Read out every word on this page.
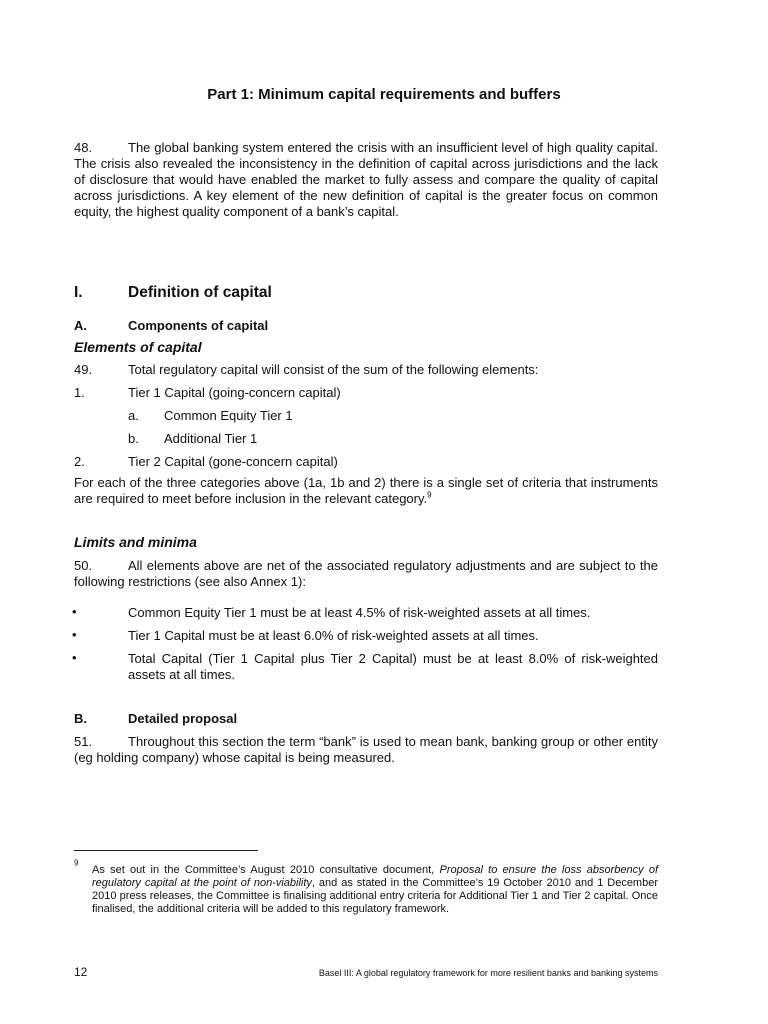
Part 1: Minimum capital requirements and buffers
48.	The global banking system entered the crisis with an insufficient level of high quality capital. The crisis also revealed the inconsistency in the definition of capital across jurisdictions and the lack of disclosure that would have enabled the market to fully assess and compare the quality of capital across jurisdictions. A key element of the new definition of capital is the greater focus on common equity, the highest quality component of a bank’s capital.
I.	Definition of capital
A.	Components of capital
Elements of capital
49.	Total regulatory capital will consist of the sum of the following elements:
1.	Tier 1 Capital (going-concern capital)
a. Common Equity Tier 1
b. Additional Tier 1
2.	Tier 2 Capital (gone-concern capital)
For each of the three categories above (1a, 1b and 2) there is a single set of criteria that instruments are required to meet before inclusion in the relevant category.$^9$
Limits and minima
50.	All elements above are net of the associated regulatory adjustments and are subject to the following restrictions (see also Annex 1):
•	Common Equity Tier 1 must be at least 4.5% of risk-weighted assets at all times.
•	Tier 1 Capital must be at least 6.0% of risk-weighted assets at all times.
•	Total Capital (Tier 1 Capital plus Tier 2 Capital) must be at least 8.0% of risk-weighted assets at all times.
B.	Detailed proposal
51.	Throughout this section the term “bank” is used to mean bank, banking group or other entity (eg holding company) whose capital is being measured.
$^9$
As set out in the Committee’s August 2010 consultative document, Proposal to ensure the loss absorbency of regulatory capital at the point of non-viability, and as stated in the Committee’s 19 October 2010 and 1 December 2010 press releases, the Committee is finalising additional entry criteria for Additional Tier 1 and Tier 2 capital. Once finalised, the additional criteria will be added to this regulatory framework.
12	Basel III: A global regulatory framework for more resilient banks and banking systems
